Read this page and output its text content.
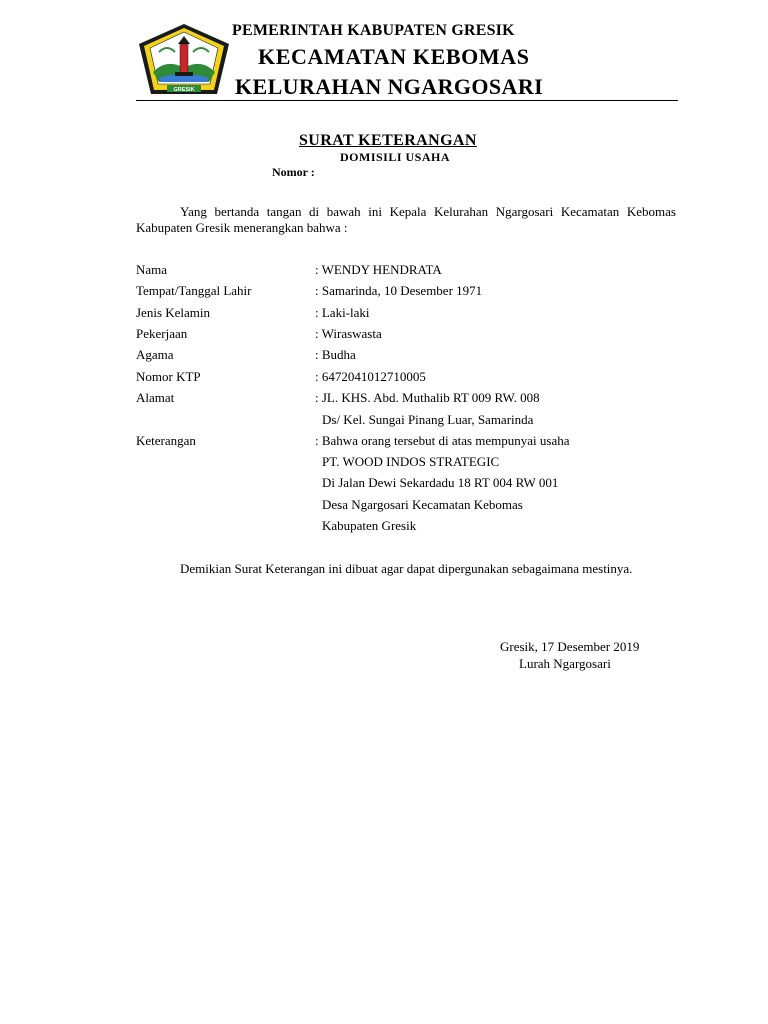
GRESIK
PEMERINTAH KABUPATEN GRESIK
KECAMATAN KEBOMAS
KELURAHAN NGARGOSARI
SURAT KETERANGAN
DOMISILI USAHA
Nomor :
Yang bertanda tangan di bawah ini Kepala Kelurahan Ngargosari Kecamatan Kebomas Kabupaten Gresik menerangkan bahwa :
Nama	: WENDY HENDRATA
Tempat/Tanggal Lahir	: Samarinda, 10 Desember 1971
Jenis Kelamin	: Laki-laki
Pekerjaan	: Wiraswasta
Agama	: Budha
Nomor KTP	: 6472041012710005
Alamat	: JL. KHS. Abd. Muthalib RT 009 RW. 008
Ds/ Kel. Sungai Pinang Luar, Samarinda
Keterangan	: Bahwa orang tersebut di atas mempunyai usaha
PT. WOOD INDOS STRATEGIC
Di Jalan Dewi Sekardadu 18 RT 004 RW 001
Desa Ngargosari Kecamatan Kebomas
Kabupaten Gresik
Demikian Surat Keterangan ini dibuat agar dapat dipergunakan sebagaimana mestinya.
Gresik, 17 Desember 2019
Lurah Ngargosari
